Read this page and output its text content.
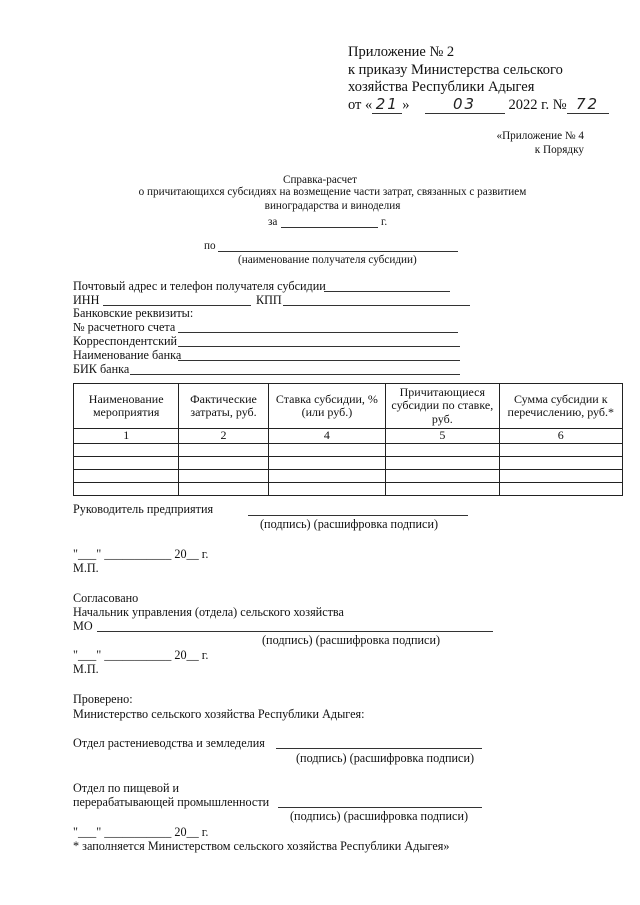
Приложение № 2
к приказу Министерства сельского
хозяйства Республики Адыгея
от « 21 »	03 2022 г. № 72
«Приложение № 4
к Порядку
Справка-расчет
о причитающихся субсидиях на возмещение части затрат, связанных с развитием
виноградарства и виноделия
за	г.
по
(наименование получателя субсидии)
Почтовый адрес и телефон получателя субсидии
ИНН	КПП
Банковские реквизиты:
№ расчетного счета
Корреспондентский
Наименование банка
БИК банка
Наименование мероприятия	Фактические затраты, руб.	Ставка субсидии, % (или руб.)	Причитающиеся субсидии по ставке, руб.	Сумма субсидии к перечислению, руб.*
1	2	4	5	6

Руководитель предприятия
(подпись) (расшифровка подписи)
"___" ___________ 20__ г.
М.П.
Согласовано
Начальник управления (отдела) сельского хозяйства
МО
(подпись) (расшифровка подписи)
"___" ___________ 20__ г.
М.П.
Проверено:
Министерство сельского хозяйства Республики Адыгея:
Отдел растениеводства и земледелия
(подпись) (расшифровка подписи)
Отдел по пищевой и
перерабатывающей промышленности
(подпись) (расшифровка подписи)
"___" ___________ 20__ г.
* заполняется Министерством сельского хозяйства Республики Адыгея»
